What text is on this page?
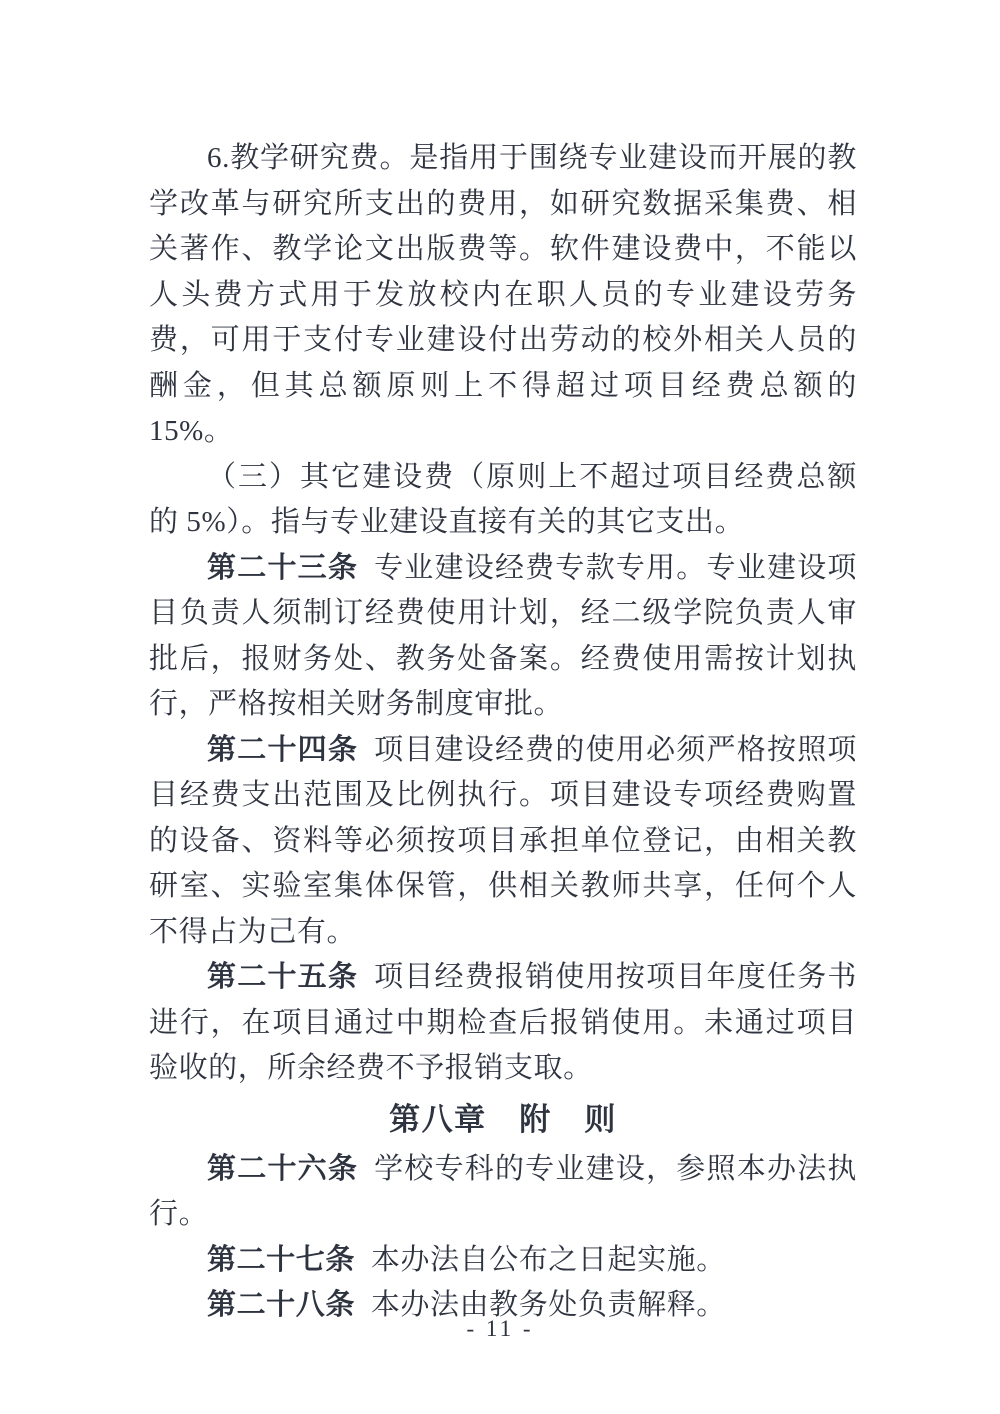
6.教学研究费。是指用于围绕专业建设而开展的教学改革与研究所支出的费用，如研究数据采集费、相关著作、教学论文出版费等。软件建设费中，不能以人头费方式用于发放校内在职人员的专业建设劳务费，可用于支付专业建设付出劳动的校外相关人员的酬金，但其总额原则上不得超过项目经费总额的 15%。

（三）其它建设费（原则上不超过项目经费总额的 5%）。指与专业建设直接有关的其它支出。

第二十三条 专业建设经费专款专用。专业建设项目负责人须制订经费使用计划，经二级学院负责人审批后，报财务处、教务处备案。经费使用需按计划执行，严格按相关财务制度审批。

第二十四条 项目建设经费的使用必须严格按照项目经费支出范围及比例执行。项目建设专项经费购置的设备、资料等必须按项目承担单位登记，由相关教研室、实验室集体保管，供相关教师共享，任何个人不得占为己有。

第二十五条 项目经费报销使用按项目年度任务书进行，在项目通过中期检查后报销使用。未通过项目验收的，所余经费不予报销支取。

第八章　附　则

第二十六条 学校专科的专业建设，参照本办法执行。

第二十七条 本办法自公布之日起实施。

第二十八条 本办法由教务处负责解释。

- 11 -
